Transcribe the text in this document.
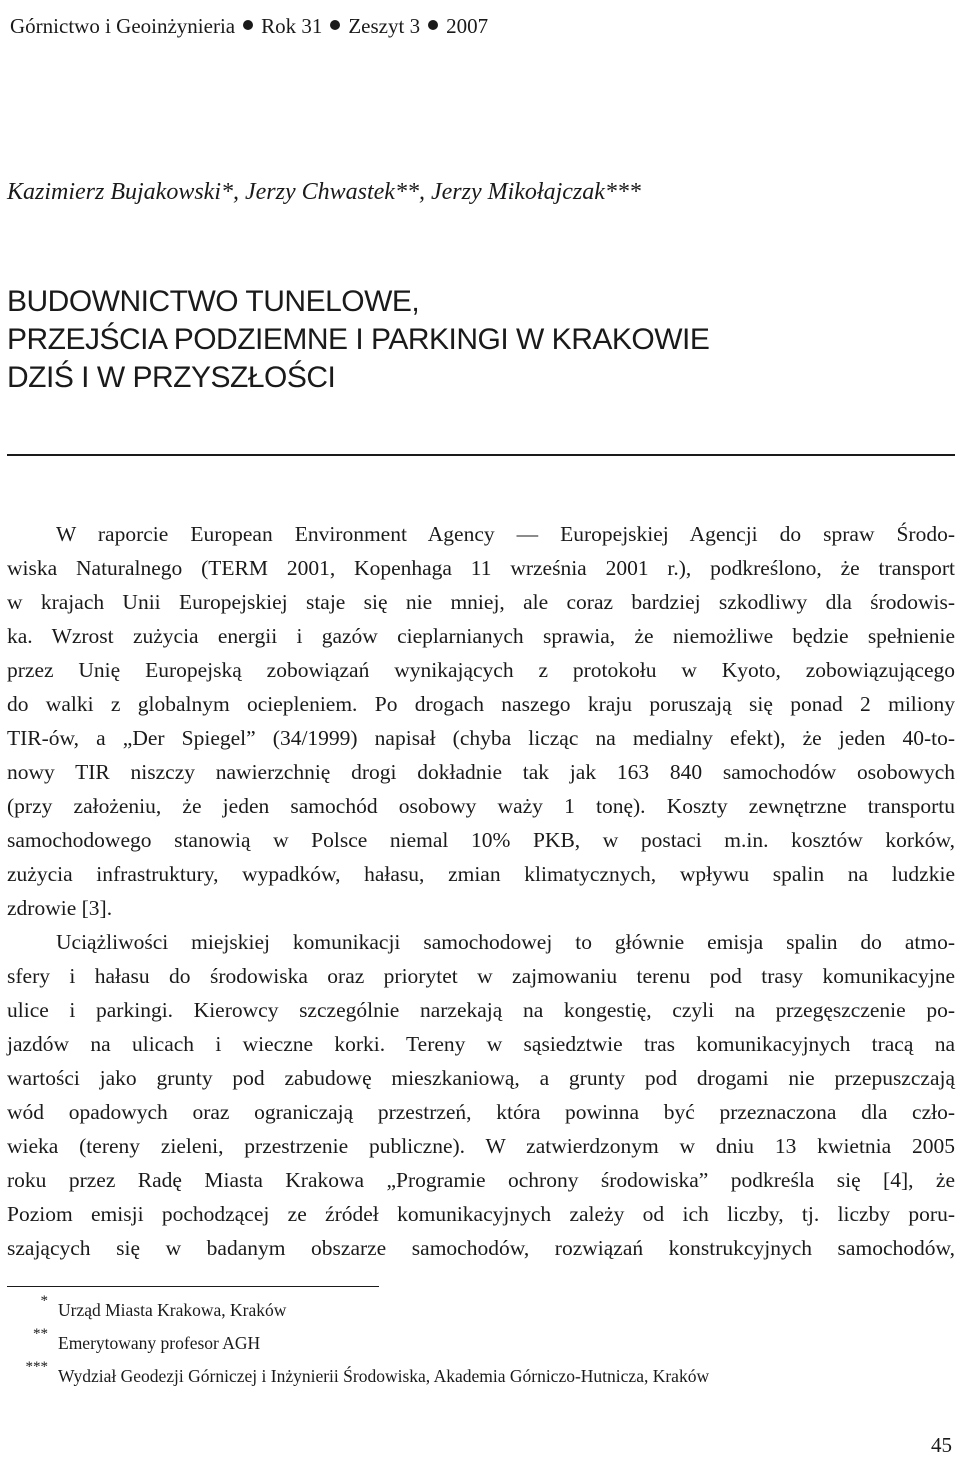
Górnictwo i Geoinżynieria Rok 31 Zeszyt 3 2007
Kazimierz Bujakowski*, Jerzy Chwastek**, Jerzy Mikołajczak***
BUDOWNICTWO TUNELOWE,
PRZEJŚCIA PODZIEMNE I PARKINGI W KRAKOWIE
DZIŚ I W PRZYSZŁOŚCI
W raporcie European Environment Agency — Europejskiej Agencji do spraw Środo-
wiska Naturalnego (TERM 2001, Kopenhaga 11 września 2001 r.), podkreślono, że transport
w krajach Unii Europejskiej staje się nie mniej, ale coraz bardziej szkodliwy dla środowis-
ka. Wzrost zużycia energii i gazów cieplarnianych sprawia, że niemożliwe będzie spełnienie
przez Unię Europejską zobowiązań wynikających z protokołu w Kyoto, zobowiązującego
do walki z globalnym ociepleniem. Po drogach naszego kraju poruszają się ponad 2 miliony
TIR-ów, a „Der Spiegel” (34/1999) napisał (chyba licząc na medialny efekt), że jeden 40-to-
nowy TIR niszczy nawierzchnię drogi dokładnie tak jak 163 840 samochodów osobowych
(przy założeniu, że jeden samochód osobowy waży 1 tonę). Koszty zewnętrzne transportu
samochodowego stanowią w Polsce niemal 10% PKB, w postaci m.in. kosztów korków,
zużycia infrastruktury, wypadków, hałasu, zmian klimatycznych, wpływu spalin na ludzkie
zdrowie [3].
Uciążliwości miejskiej komunikacji samochodowej to głównie emisja spalin do atmo-
sfery i hałasu do środowiska oraz priorytet w zajmowaniu terenu pod trasy komunikacyjne
ulice i parkingi. Kierowcy szczególnie narzekają na kongestię, czyli na przegęszczenie po-
jazdów na ulicach i wieczne korki. Tereny w sąsiedztwie tras komunikacyjnych tracą na
wartości jako grunty pod zabudowę mieszkaniową, a grunty pod drogami nie przepuszczają
wód opadowych oraz ograniczają przestrzeń, która powinna być przeznaczona dla czło-
wieka (tereny zieleni, przestrzenie publiczne). W zatwierdzonym w dniu 13 kwietnia 2005
roku przez Radę Miasta Krakowa „Programie ochrony środowiska” podkreśla się [4], że
Poziom emisji pochodzącej ze źródeł komunikacyjnych zależy od ich liczby, tj. liczby poru-
szających się w badanym obszarze samochodów, rozwiązań konstrukcyjnych samochodów,
* Urząd Miasta Krakowa, Kraków
** Emerytowany profesor AGH
*** Wydział Geodezji Górniczej i Inżynierii Środowiska, Akademia Górniczo-Hutnicza, Kraków
45
